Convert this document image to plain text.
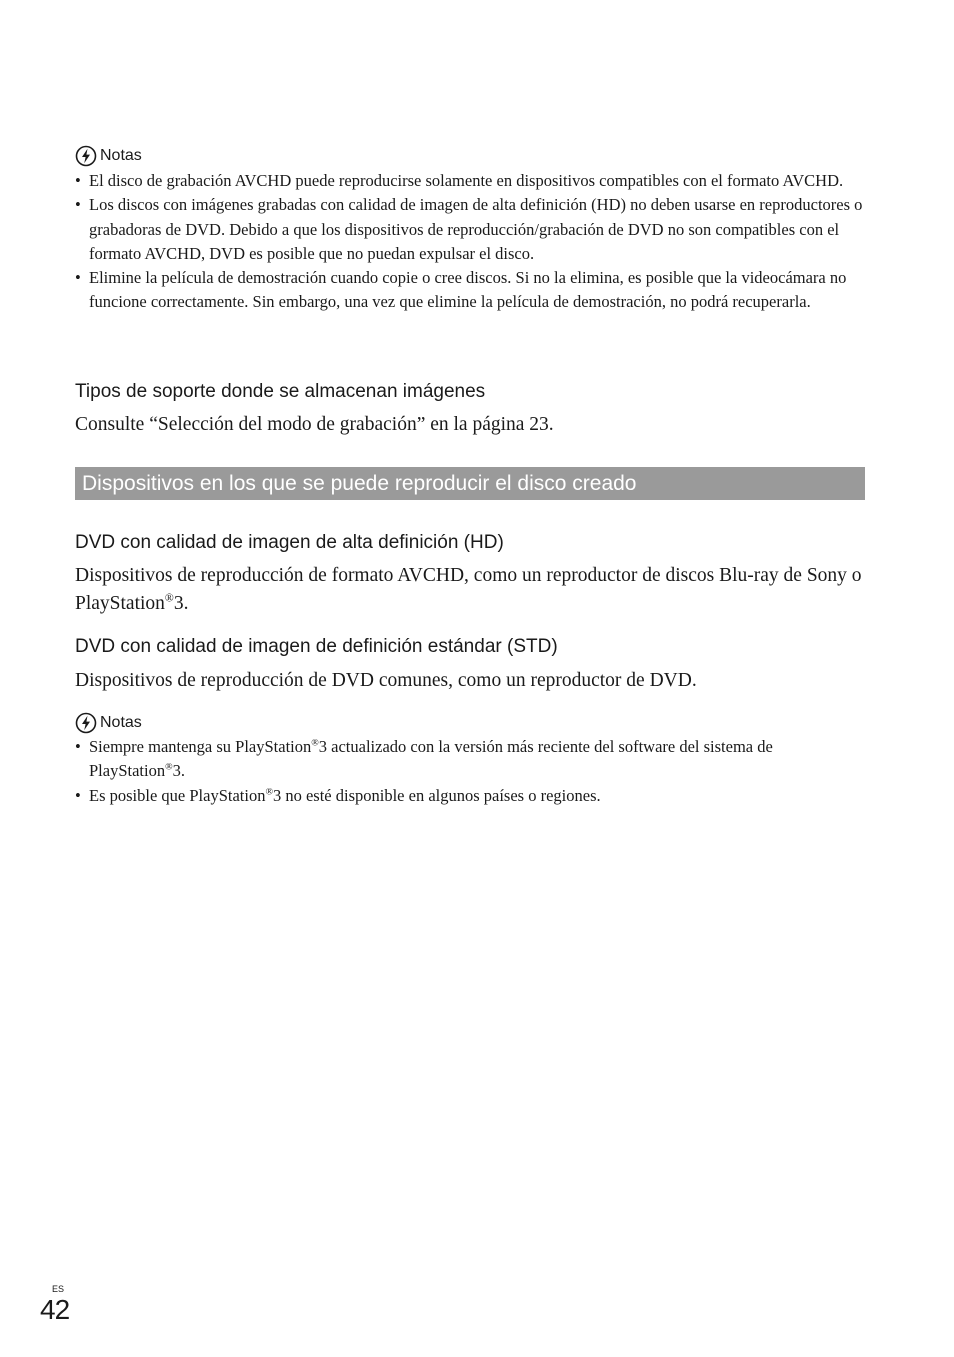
Notas
• El disco de grabación AVCHD puede reproducirse solamente en dispositivos compatibles con el formato AVCHD.
• Los discos con imágenes grabadas con calidad de imagen de alta definición (HD) no deben usarse en reproductores o grabadoras de DVD. Debido a que los dispositivos de reproducción/grabación de DVD no son compatibles con el formato AVCHD, DVD es posible que no puedan expulsar el disco.
• Elimine la película de demostración cuando copie o cree discos. Si no la elimina, es posible que la videocámara no funcione correctamente. Sin embargo, una vez que elimine la película de demostración, no podrá recuperarla.
Tipos de soporte donde se almacenan imágenes

Consulte “Selección del modo de grabación” en la página 23.

Dispositivos en los que se puede reproducir el disco creado
DVD con calidad de imagen de alta definición (HD)

Dispositivos de reproducción de formato AVCHD, como un reproductor de discos Blu-ray de Sony o PlayStation®3.

DVD con calidad de imagen de definición estándar (STD)

Dispositivos de reproducción de DVD comunes, como un reproductor de DVD.

Notas
• Siempre mantenga su PlayStation®3 actualizado con la versión más reciente del software del sistema de PlayStation®3.
• Es posible que PlayStation®3 no esté disponible en algunos países o regiones.
ES
42
